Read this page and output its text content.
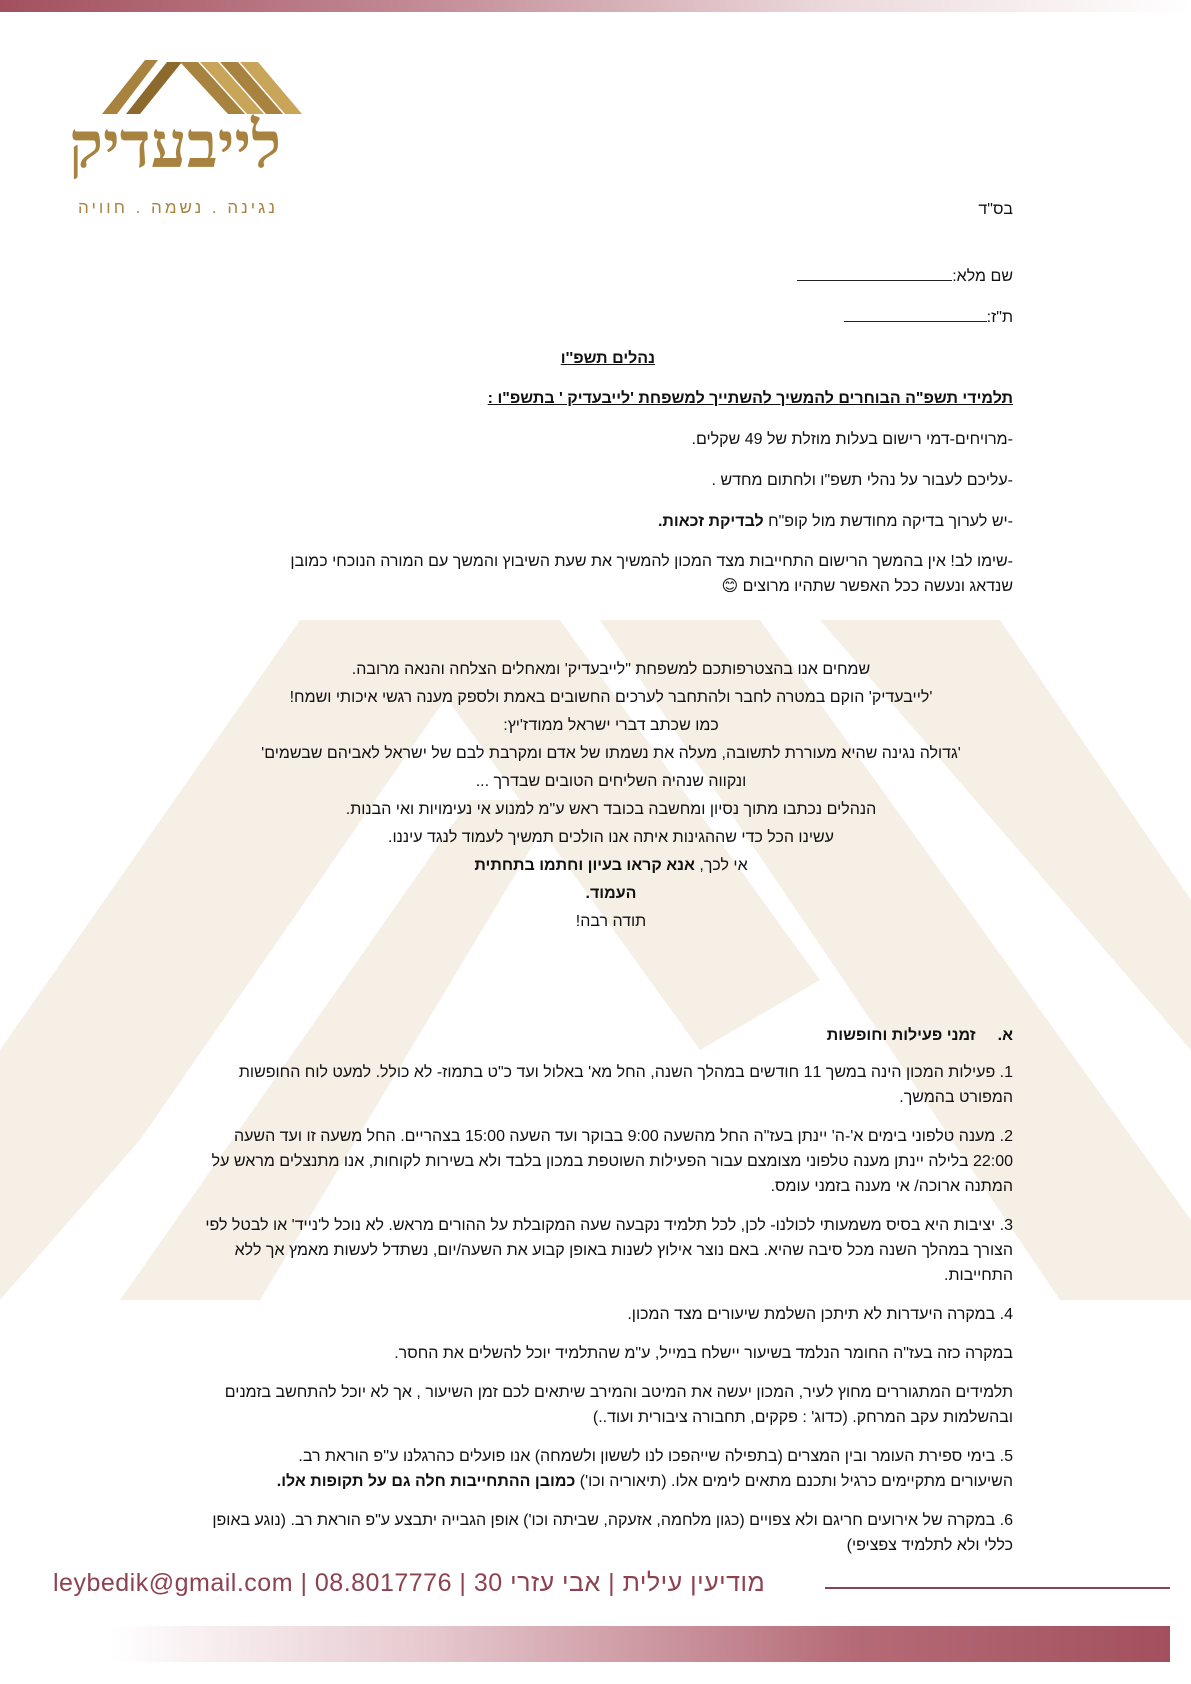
לייבעדיק
נגינה . נשמה . חוויה	בס"ד
שם מלא:
ת"ז:
נהלים תשפ''ו
תלמידי תשפ"ה הבוחרים להמשיך להשתייך למשפחת 'לייבעדיק ' בתשפ"ו :
-מרויחים-דמי רישום בעלות מוזלת של 49 שקלים.
-עליכם לעבור על נהלי תשפ"ו ולחתום מחדש .
-יש לערוך בדיקה מחודשת מול קופ"ח לבדיקת זכאות.

-שימו לב! אין בהמשך הרישום התחייבות מצד המכון להמשיך את שעת השיבוץ והמשך עם המורה הנוכחי כמובן

שנדאג ונעשה ככל האפשר שתהיו מרוצים 😊

שמחים אנו בהצטרפותכם למשפחת "לייבעדיק' ומאחלים הצלחה והנאה מרובה.

'לייבעדיק' הוקם במטרה לחבר ולהתחבר לערכים החשובים באמת ולספק מענה רגשי איכותי ושמח!

כמו שכתב דברי ישראל ממודז'יץ:

'גדולה נגינה שהיא מעוררת לתשובה, מעלה את נשמתו של אדם ומקרבת לבם של ישראל לאביהם שבשמים'

ונקווה שנהיה השליחים הטובים שבדרך ...

הנהלים נכתבו מתוך נסיון ומחשבה בכובד ראש ע"מ למנוע אי נעימויות ואי הבנות.

עשינו הכל כדי שההגינות איתה אנו הולכים תמשיך לעמוד לנגד עיננו.

אי לכך, אנא קראו בעיון וחתמו בתחתית

העמוד.

תודה רבה!

א.זמני פעילות וחופשות

1. פעילות המכון הינה במשך 11 חודשים במהלך השנה, החל מא' באלול ועד כ"ט בתמוז- לא כולל. למעט לוח החופשות המפורט בהמשך.

2. מענה טלפוני בימים א'-ה' יינתן בעז"ה החל מהשעה 9:00 בבוקר ועד השעה 15:00 בצהריים. החל משעה זו ועד השעה 22:00 בלילה יינתן מענה טלפוני מצומצם עבור הפעילות השוטפת במכון בלבד ולא בשירות לקוחות, אנו מתנצלים מראש על המתנה ארוכה/ אי מענה בזמני עומס.

3. יציבות היא בסיס משמעותי לכולנו- לכן, לכל תלמיד נקבעה שעה המקובלת על ההורים מראש. לא נוכל ל'נייד' או לבטל לפי הצורך במהלך השנה מכל סיבה שהיא. באם נוצר אילוץ לשנות באופן קבוע את השעה/יום, נשתדל לעשות מאמץ אך ללא התחייבות.

4. במקרה היעדרות לא תיתכן השלמת שיעורים מצד המכון.

במקרה כזה בעז"ה החומר הנלמד בשיעור יישלח במייל, ע"מ שהתלמיד יוכל להשלים את החסר.

תלמידים המתגוררים מחוץ לעיר, המכון יעשה את המיטב והמירב שיתאים לכם זמן השיעור , אך לא יוכל להתחשב בזמנים ובהשלמות עקב המרחק. (כדוג' : פקקים, תחבורה ציבורית ועוד..)

5. בימי ספירת העומר ובין המצרים (בתפילה שייהפכו לנו לששון ולשמחה) אנו פועלים כהרגלנו ע''פ הוראת רב.

השיעורים מתקיימים כרגיל ותכנם מתאים לימים אלו. (תיאוריה וכו') כמובן ההתחייבות חלה גם על תקופות אלו.

6. במקרה של אירועים חריגם ולא צפויים (כגון מלחמה, אזעקה, שביתה וכו') אופן הגבייה יתבצע ע"פ הוראת רב. (נוגע באופן כללי ולא לתלמיד צפציפי)

leybedik@gmail.com | 08.8017776 | מודיעין עילית | אבי עזרי 30
